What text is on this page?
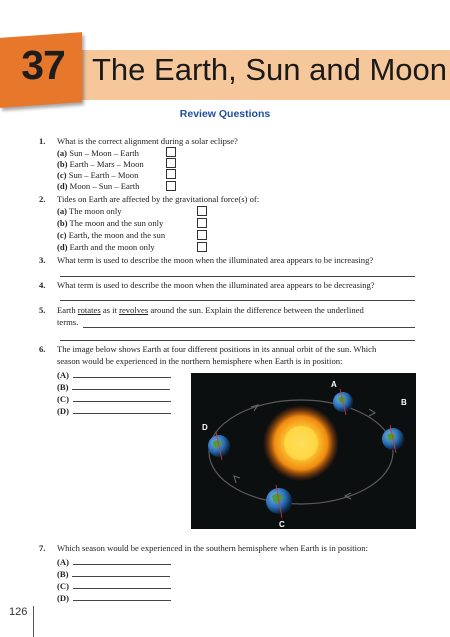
37 The Earth, Sun and Moon
Review Questions
1. What is the correct alignment during a solar eclipse?
(a) Sun – Moon – Earth
(b) Earth – Mars – Moon
(c) Sun – Earth – Moon
(d) Moon – Sun – Earth
2. Tides on Earth are affected by the gravitational force(s) of:
(a) The moon only
(b) The moon and the sun only
(c) Earth, the moon and the sun
(d) Earth and the moon only
3. What term is used to describe the moon when the illuminated area appears to be increasing?
4. What term is used to describe the moon when the illuminated area appears to be decreasing?
5. Earth rotates as it revolves around the sun. Explain the difference between the underlined
terms.
6. The image below shows Earth at four different positions in its annual orbit of the sun. Which
season would be experienced in the northern hemisphere when Earth is in position:
(A)
(B)
(C)
(D)
A
B
C
D
7. Which season would be experienced in the southern hemisphere when Earth is in position:
(A)
(B)
(C)
(D)
126
